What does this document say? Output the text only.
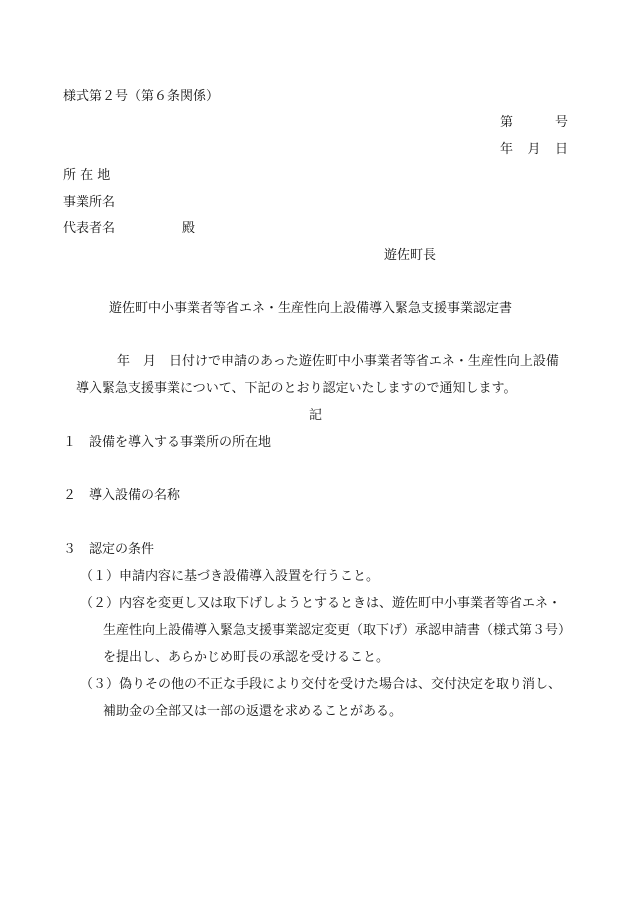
様式第２号（第６条関係）
第	号
年 月 日
所 在 地
事業所名
代表者名	殿
遊佐町長
遊佐町中小事業者等省エネ・生産性向上設備導入緊急支援事業認定書
年　月　日付けで申請のあった遊佐町中小事業者等省エネ・生産性向上設備
導入緊急支援事業について、下記のとおり認定いたしますので通知します。
記
１　設備を導入する事業所の所在地
２　導入設備の名称
３　認定の条件
（１）申請内容に基づき設備導入設置を行うこと。
（２）内容を変更し又は取下げしようとするときは、遊佐町中小事業者等省エネ・
生産性向上設備導入緊急支援事業認定変更（取下げ）承認申請書（様式第３号）
を提出し、あらかじめ町長の承認を受けること。
（３）偽りその他の不正な手段により交付を受けた場合は、交付決定を取り消し、
補助金の全部又は一部の返還を求めることがある。
